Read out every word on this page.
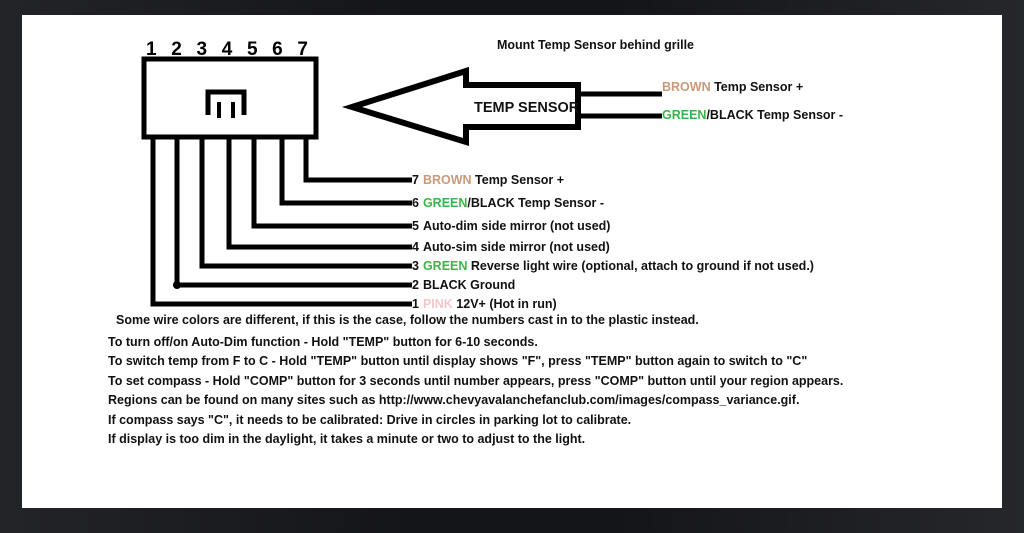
TEMP SENSOR
1 2 3 4 5 6 7	Mount Temp Sensor behind grille
BROWN Temp Sensor +
GREEN/BLACK Temp Sensor -
7 BROWN Temp Sensor +
6 GREEN/BLACK Temp Sensor -
5 Auto-dim side mirror (not used)
4 Auto-sim side mirror (not used)
3 GREEN Reverse light wire (optional, attach to ground if not used.)
2 BLACK Ground
1 PINK 12V+ (Hot in run)
Some wire colors are different, if this is the case, follow the numbers cast in to the plastic instead.
To turn off/on Auto-Dim function - Hold "TEMP" button for 6-10 seconds.
To switch temp from F to C - Hold "TEMP" button until display shows "F", press "TEMP" button again to switch to "C"
To set compass - Hold "COMP" button for 3 seconds until number appears, press "COMP" button until your region appears.
Regions can be found on many sites such as http://www.chevyavalanchefanclub.com/images/compass_variance.gif.
If compass says "C", it needs to be calibrated: Drive in circles in parking lot to calibrate.
If display is too dim in the daylight, it takes a minute or two to adjust to the light.
